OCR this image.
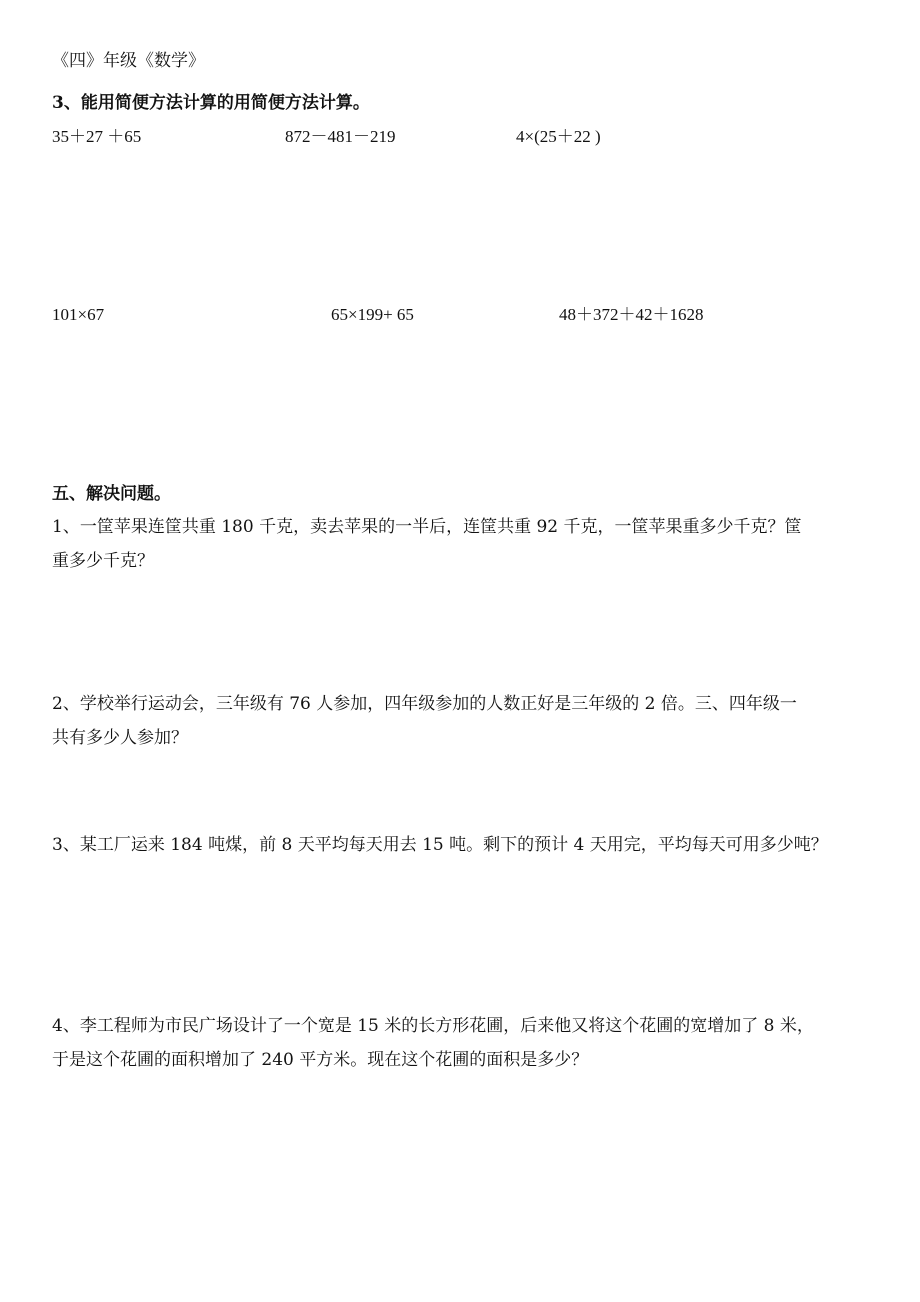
《四》年级《数学》
3、能用简便方法计算的用简便方法计算。
35＋27 ＋65	872－481－219	4×(25＋22 )
101×67	65×199+ 65	48＋372＋42＋1628
五、解决问题。

1、一筐苹果连筐共重 180 千克，卖去苹果的一半后，连筐共重 92 千克，一筐苹果重多少千克？筐

重多少千克？

2、学校举行运动会，三年级有 76 人参加，四年级参加的人数正好是三年级的 2 倍。三、四年级一

共有多少人参加？

3、某工厂运来 184 吨煤，前 8 天平均每天用去 15 吨。剩下的预计 4 天用完，平均每天可用多少吨？

4、李工程师为市民广场设计了一个宽是 15 米的长方形花圃，后来他又将这个花圃的宽增加了 8 米，

于是这个花圃的面积增加了 240 平方米。现在这个花圃的面积是多少？
